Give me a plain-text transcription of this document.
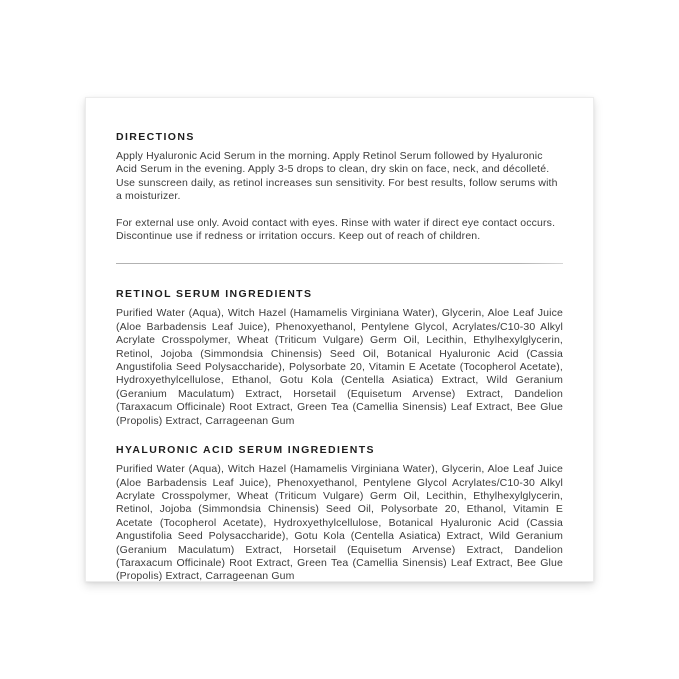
DIRECTIONS

Apply Hyaluronic Acid Serum in the morning. Apply Retinol Serum followed by Hyaluronic Acid Serum in the evening. Apply 3-5 drops to clean, dry skin on face, neck, and décolleté. Use sunscreen daily, as retinol increases sun sensitivity. For best results, follow serums with a moisturizer.

For external use only. Avoid contact with eyes. Rinse with water if direct eye contact occurs. Discontinue use if redness or irritation occurs. Keep out of reach of children.

RETINOL SERUM INGREDIENTS

Purified Water (Aqua), Witch Hazel (Hamamelis Virginiana Water), Glycerin, Aloe Leaf Juice (Aloe Barbadensis Leaf Juice), Phenoxyethanol, Pentylene Glycol, Acrylates/C10-30 Alkyl Acrylate Crosspolymer, Wheat (Triticum Vulgare) Germ Oil, Lecithin, Ethylhexylglycerin, Retinol, Jojoba (Simmondsia Chinensis) Seed Oil, Botanical Hyaluronic Acid (Cassia Angustifolia Seed Polysaccharide), Polysorbate 20, Vitamin E Acetate (Tocopherol Acetate), Hydroxyethylcellulose, Ethanol, Gotu Kola (Centella Asiatica) Extract, Wild Geranium (Geranium Maculatum) Extract, Horsetail (Equisetum Arvense) Extract, Dandelion (Taraxacum Officinale) Root Extract, Green Tea (Camellia Sinensis) Leaf Extract, Bee Glue (Propolis) Extract, Carrageenan Gum

HYALURONIC ACID SERUM INGREDIENTS

Purified Water (Aqua), Witch Hazel (Hamamelis Virginiana Water), Glycerin, Aloe Leaf Juice (Aloe Barbadensis Leaf Juice), Phenoxyethanol, Pentylene Glycol Acrylates/C10-30 Alkyl Acrylate Crosspolymer, Wheat (Triticum Vulgare) Germ Oil, Lecithin, Ethylhexylglycerin, Retinol, Jojoba (Simmondsia Chinensis) Seed Oil, Polysorbate 20, Ethanol, Vitamin E Acetate (Tocopherol Acetate), Hydroxyethylcellulose, Botanical Hyaluronic Acid (Cassia Angustifolia Seed Polysaccharide), Gotu Kola (Centella Asiatica) Extract, Wild Geranium (Geranium Maculatum) Extract, Horsetail (Equisetum Arvense) Extract, Dandelion (Taraxacum Officinale) Root Extract, Green Tea (Camellia Sinensis) Leaf Extract, Bee Glue (Propolis) Extract, Carrageenan Gum
